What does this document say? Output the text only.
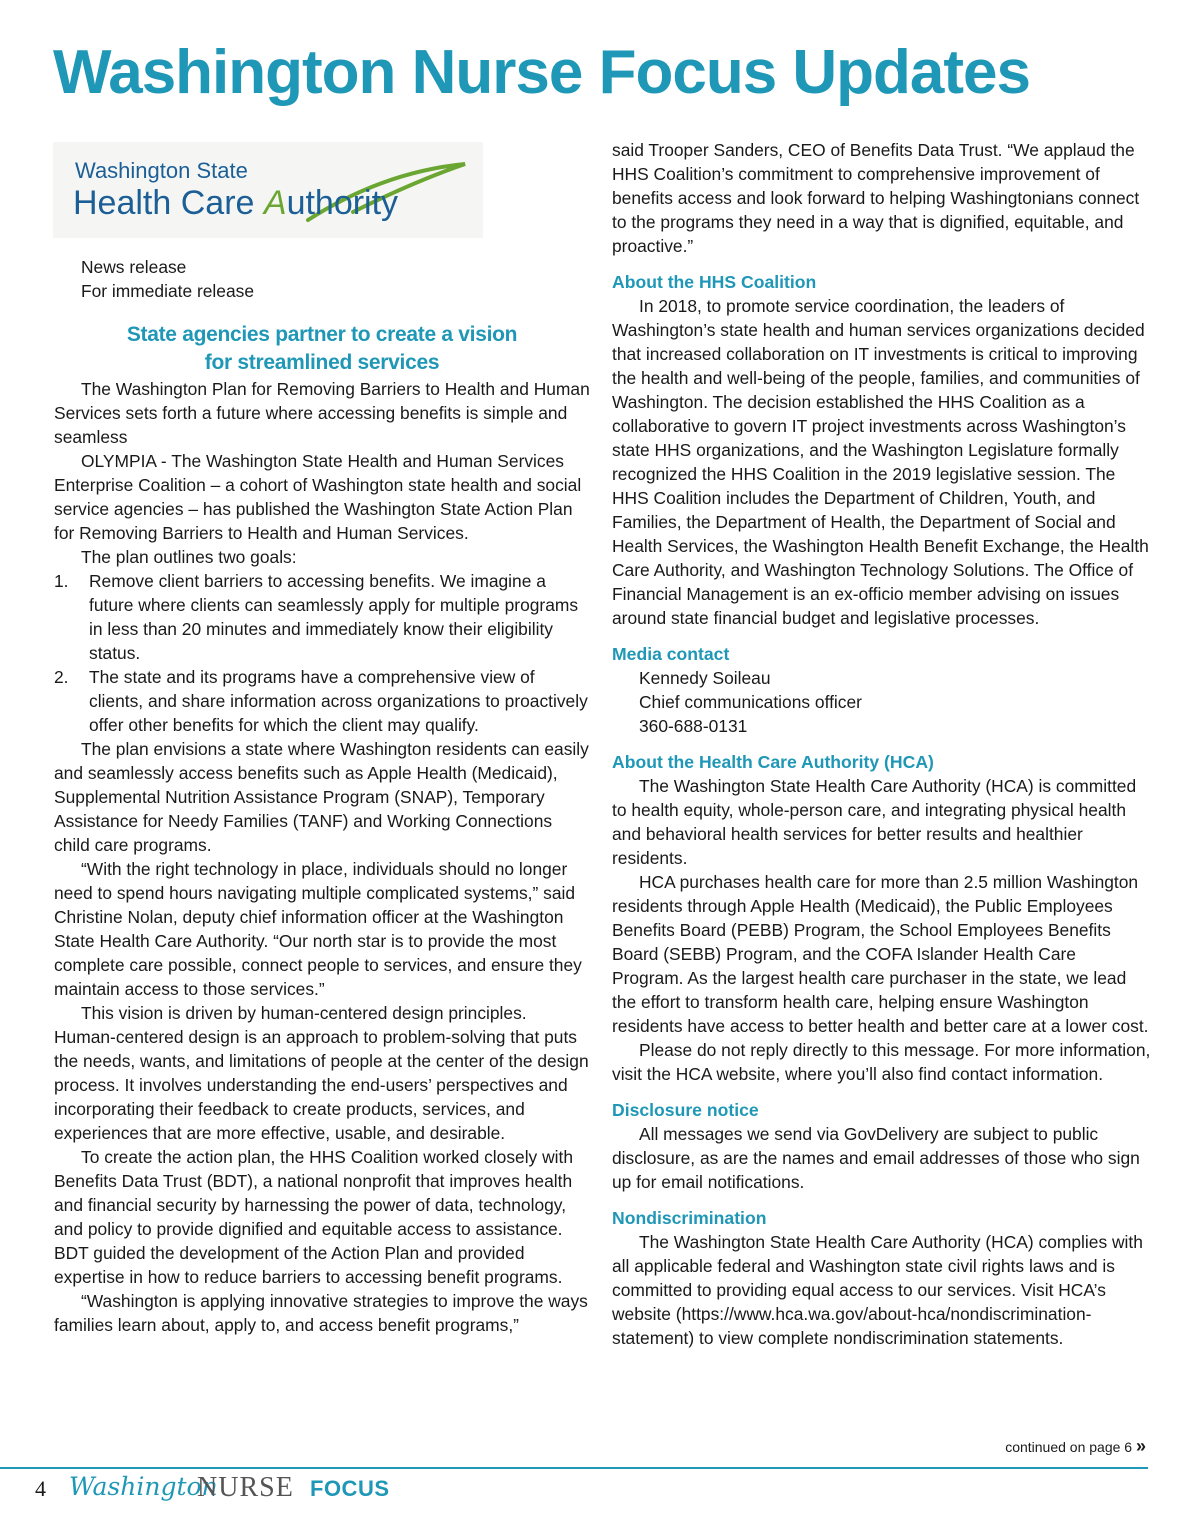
Washington Nurse Focus Updates
Washington State
Health Care Authority

News release

For immediate release

State agencies partner to create a vision
for streamlined services

The Washington Plan for Removing Barriers to Health and Human Services sets forth a future where accessing benefits is simple and seamless

OLYMPIA - The Washington State Health and Human Services Enterprise Coalition – a cohort of Washington state health and social service agencies – has published the Washington State Action Plan for Removing Barriers to Health and Human Services.

The plan outlines two goals:

1. Remove client barriers to accessing benefits. We imagine a future where clients can seamlessly apply for multiple programs in less than 20 minutes and immediately know their eligibility status.
2. The state and its programs have a comprehensive view of clients, and share information across organizations to proactively offer other benefits for which the client may qualify.

The plan envisions a state where Washington residents can easily and seamlessly access benefits such as Apple Health (Medicaid), Supplemental Nutrition Assistance Program (SNAP), Temporary Assistance for Needy Families (TANF) and Working Connections child care programs.

“With the right technology in place, individuals should no longer need to spend hours navigating multiple complicated systems,” said Christine Nolan, deputy chief information officer at the Washington State Health Care Authority. “Our north star is to provide the most complete care possible, connect people to services, and ensure they maintain access to those services.”

This vision is driven by human-centered design principles. Human-centered design is an approach to problem-solving that puts the needs, wants, and limitations of people at the center of the design process. It involves understanding the end-users’ perspectives and incorporating their feedback to create products, services, and experiences that are more effective, usable, and desirable.

To create the action plan, the HHS Coalition worked closely with Benefits Data Trust (BDT), a national nonprofit that improves health and financial security by harnessing the power of data, technology, and policy to provide dignified and equitable access to assistance. BDT guided the development of the Action Plan and provided expertise in how to reduce barriers to accessing benefit programs.

“Washington is applying innovative strategies to improve the ways families learn about, apply to, and access benefit programs,”

said Trooper Sanders, CEO of Benefits Data Trust. “We applaud the HHS Coalition’s commitment to comprehensive improvement of benefits access and look forward to helping Washingtonians connect to the programs they need in a way that is dignified, equitable, and proactive.”

About the HHS Coalition

In 2018, to promote service coordination, the leaders of Washington’s state health and human services organizations decided that increased collaboration on IT investments is critical to improving the health and well-being of the people, families, and communities of Washington. The decision established the HHS Coalition as a collaborative to govern IT project investments across Washington’s state HHS organizations, and the Washington Legislature formally recognized the HHS Coalition in the 2019 legislative session. The HHS Coalition includes the Department of Children, Youth, and Families, the Department of Health, the Department of Social and Health Services, the Washington Health Benefit Exchange, the Health Care Authority, and Washington Technology Solutions. The Office of Financial Management is an ex-officio member advising on issues around state financial budget and legislative processes.

Media contact

Kennedy Soileau

Chief communications officer

360-688-0131

About the Health Care Authority (HCA)

The Washington State Health Care Authority (HCA) is committed to health equity, whole-person care, and integrating physical health and behavioral health services for better results and healthier residents.

HCA purchases health care for more than 2.5 million Washington residents through Apple Health (Medicaid), the Public Employees Benefits Board (PEBB) Program, the School Employees Benefits Board (SEBB) Program, and the COFA Islander Health Care Program. As the largest health care purchaser in the state, we lead the effort to transform health care, helping ensure Washington residents have access to better health and better care at a lower cost.

Please do not reply directly to this message. For more information, visit the HCA website, where you’ll also find contact information.

Disclosure notice

All messages we send via GovDelivery are subject to public disclosure, as are the names and email addresses of those who sign up for email notifications.

Nondiscrimination

The Washington State Health Care Authority (HCA) complies with all applicable federal and Washington state civil rights laws and is committed to providing equal access to our services. Visit HCA’s website (https://www.hca.wa.gov/about-hca/nondiscrimination-statement) to view complete nondiscrimination statements.

continued on page 6 »
4 Washington
NURSE FOCUS
